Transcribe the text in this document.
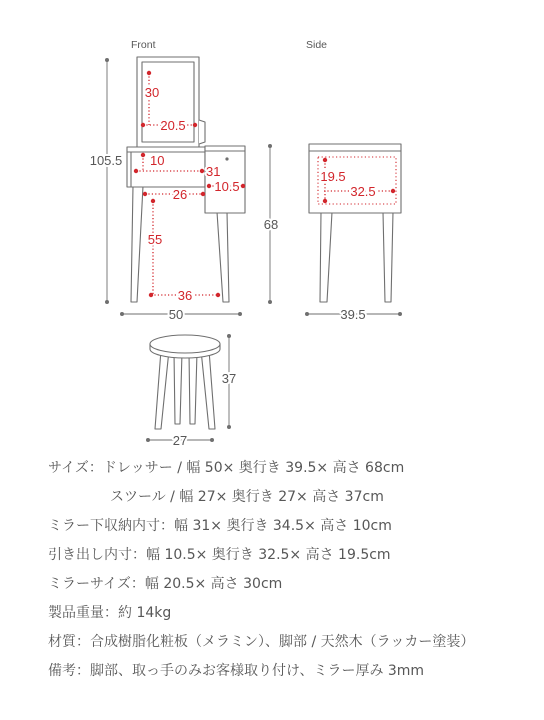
Front	Side
30
20.5
10
31
10.5
26
55
36
105.5
50
68
19.5
32.5
39.5
37
27
サイズ：ドレッサー / 幅 50× 奥行き 39.5× 高さ 68cm
スツール / 幅 27× 奥行き 27× 高さ 37cm
ミラー下収納内寸：幅 31× 奥行き 34.5× 高さ 10cm
引き出し内寸：幅 10.5× 奥行き 32.5× 高さ 19.5cm
ミラーサイズ：幅 20.5× 高さ 30cm
製品重量：約 14kg
材質：合成樹脂化粧板（メラミン）、脚部 / 天然木（ラッカー塗装）
備考：脚部、取っ手のみお客様取り付け、ミラー厚み 3mm
